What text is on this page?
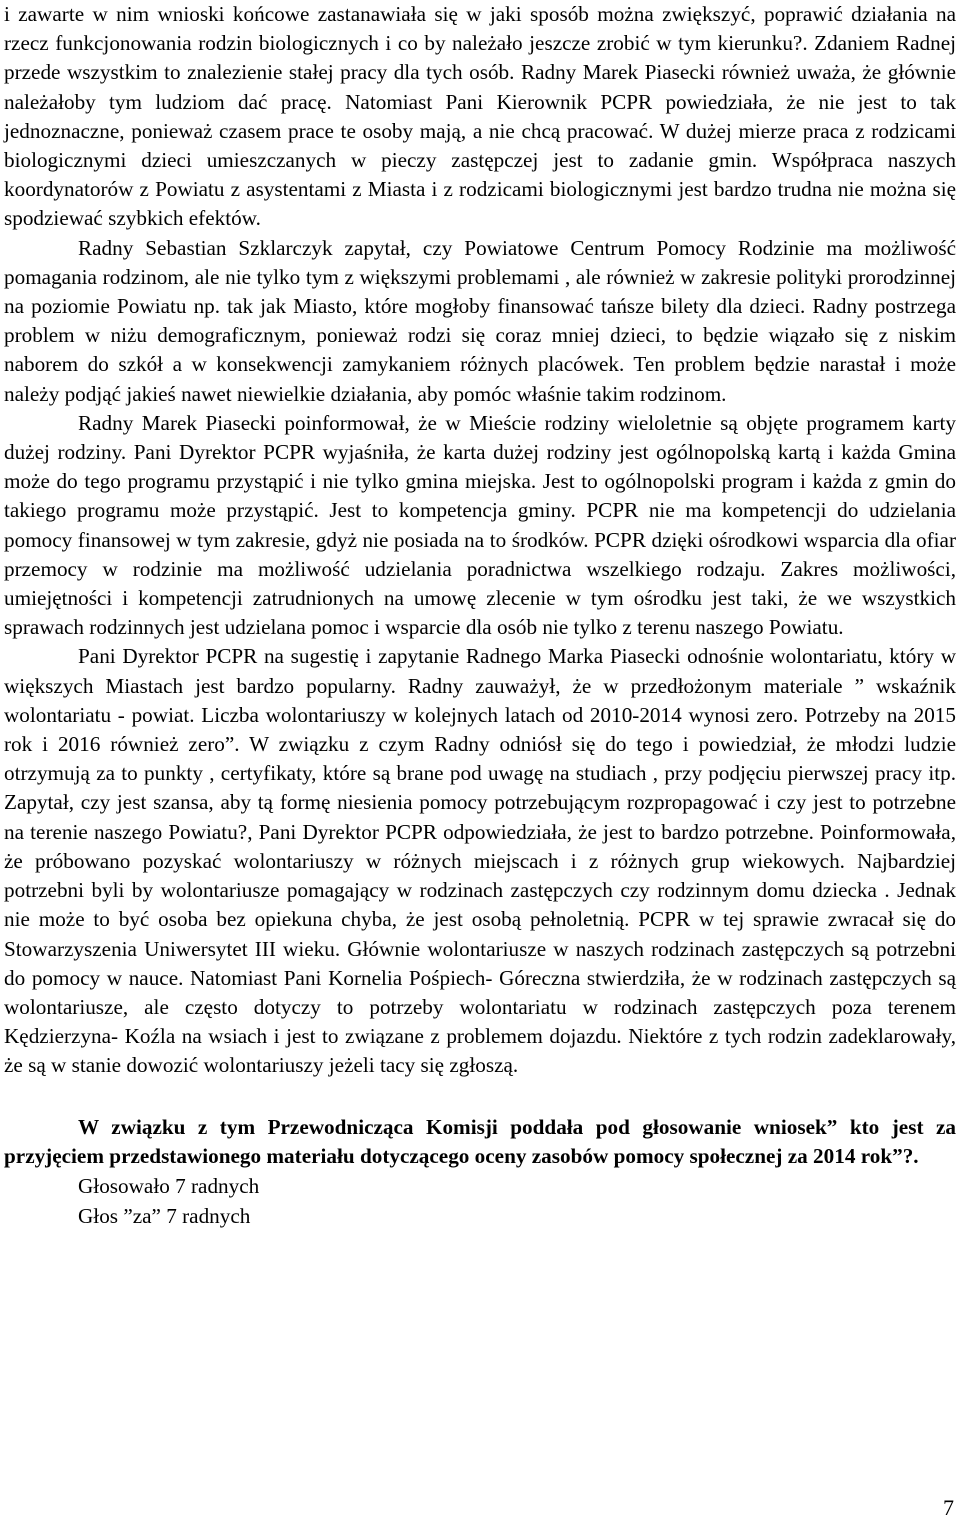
i zawarte w nim wnioski końcowe zastanawiała się w jaki sposób można zwiększyć, poprawić działania na rzecz funkcjonowania rodzin biologicznych i co by należało jeszcze zrobić w tym kierunku?. Zdaniem Radnej przede wszystkim to znalezienie stałej pracy dla tych osób. Radny Marek Piasecki również uważa, że głównie należałoby tym ludziom dać pracę. Natomiast Pani Kierownik PCPR powiedziała, że nie jest to tak jednoznaczne, ponieważ czasem prace te osoby mają, a nie chcą pracować. W dużej mierze praca z rodzicami biologicznymi dzieci umieszczanych w pieczy zastępczej jest to zadanie gmin. Współpraca naszych koordynatorów z Powiatu z asystentami z Miasta i z rodzicami biologicznymi jest bardzo trudna nie można się spodziewać szybkich efektów.

Radny Sebastian Szklarczyk zapytał, czy Powiatowe Centrum Pomocy Rodzinie ma możliwość pomagania rodzinom, ale nie tylko tym z większymi problemami , ale również w zakresie polityki prorodzinnej na poziomie Powiatu np. tak jak Miasto, które mogłoby finansować tańsze bilety dla dzieci. Radny postrzega problem w niżu demograficznym, ponieważ rodzi się coraz mniej dzieci, to będzie wiązało się z niskim naborem do szkół a w konsekwencji zamykaniem różnych placówek. Ten problem będzie narastał i może należy podjąć jakieś nawet niewielkie działania, aby pomóc właśnie takim rodzinom.

Radny Marek Piasecki poinformował, że w Mieście rodziny wieloletnie są objęte programem karty dużej rodziny. Pani Dyrektor PCPR wyjaśniła, że karta dużej rodziny jest ogólnopolską kartą i każda Gmina może do tego programu przystąpić i nie tylko gmina miejska. Jest to ogólnopolski program i każda z gmin do takiego programu może przystąpić. Jest to kompetencja gminy. PCPR nie ma kompetencji do udzielania pomocy finansowej w tym zakresie, gdyż nie posiada na to środków. PCPR dzięki ośrodkowi wsparcia dla ofiar przemocy w rodzinie ma możliwość udzielania poradnictwa wszelkiego rodzaju. Zakres możliwości, umiejętności i kompetencji zatrudnionych na umowę zlecenie w tym ośrodku jest taki, że we wszystkich sprawach rodzinnych jest udzielana pomoc i wsparcie dla osób nie tylko z terenu naszego Powiatu.

Pani Dyrektor PCPR na sugestię i zapytanie Radnego Marka Piasecki odnośnie wolontariatu, który w większych Miastach jest bardzo popularny. Radny zauważył, że w przedłożonym materiale ” wskaźnik wolontariatu - powiat. Liczba wolontariuszy w kolejnych latach od 2010-2014 wynosi zero. Potrzeby na 2015 rok i 2016 również zero”. W związku z czym Radny odniósł się do tego i powiedział, że młodzi ludzie otrzymują za to punkty , certyfikaty, które są brane pod uwagę na studiach , przy podjęciu pierwszej pracy itp. Zapytał, czy jest szansa, aby tą formę niesienia pomocy potrzebującym rozpropagować i czy jest to potrzebne na terenie naszego Powiatu?, Pani Dyrektor PCPR odpowiedziała, że jest to bardzo potrzebne. Poinformowała, że próbowano pozyskać wolontariuszy w różnych miejscach i z różnych grup wiekowych. Najbardziej potrzebni byli by wolontariusze pomagający w rodzinach zastępczych czy rodzinnym domu dziecka . Jednak nie może to być osoba bez opiekuna chyba, że jest osobą pełnoletnią. PCPR w tej sprawie zwracał się do Stowarzyszenia Uniwersytet III wieku. Głównie wolontariusze w naszych rodzinach zastępczych są potrzebni do pomocy w nauce. Natomiast Pani Kornelia Pośpiech- Góreczna stwierdziła, że w rodzinach zastępczych są wolontariusze, ale często dotyczy to potrzeby wolontariatu w rodzinach zastępczych poza terenem Kędzierzyna- Koźla na wsiach i jest to związane z problemem dojazdu. Niektóre z tych rodzin zadeklarowały, że są w stanie dowozić wolontariuszy jeżeli tacy się zgłoszą.

W związku z tym Przewodnicząca Komisji poddała pod głosowanie wniosek” kto jest za przyjęciem przedstawionego materiału dotyczącego oceny zasobów pomocy społecznej za 2014 rok”?.

Głosowało 7 radnych

Głos ”za” 7 radnych

7
